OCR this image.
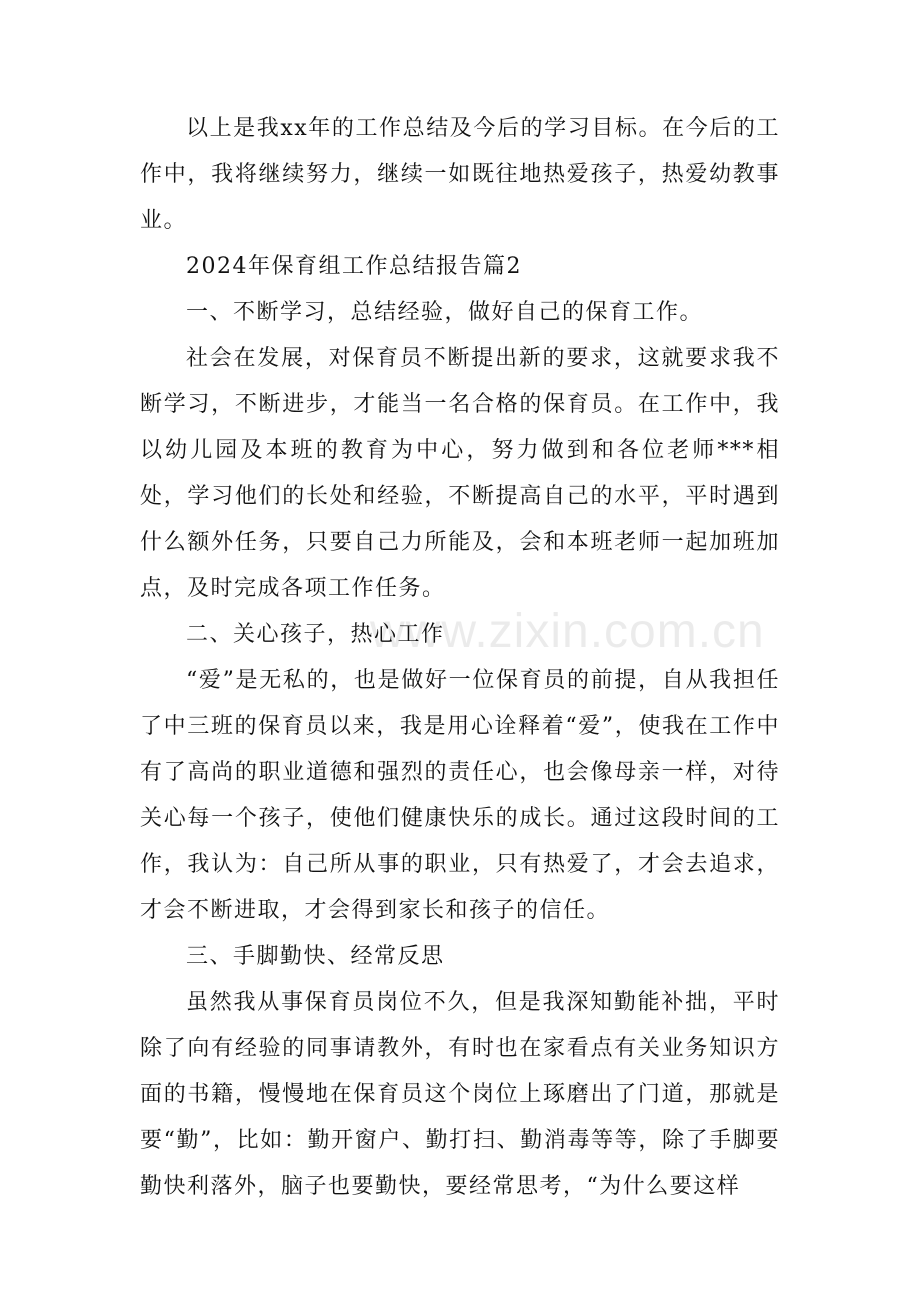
以上是我xx年的工作总结及今后的学习目标。在今后的工作中，我将继续努力，继续一如既往地热爱孩子，热爱幼教事业。

2024年保育组工作总结报告篇2

一、不断学习，总结经验，做好自己的保育工作。

社会在发展，对保育员不断提出新的要求，这就要求我不断学习，不断进步，才能当一名合格的保育员。在工作中，我以幼儿园及本班的教育为中心，努力做到和各位老师***相处，学习他们的长处和经验，不断提高自己的水平，平时遇到什么额外任务，只要自己力所能及，会和本班老师一起加班加点，及时完成各项工作任务。

二、关心孩子，热心工作

“爱”是无私的，也是做好一位保育员的前提，自从我担任了中三班的保育员以来，我是用心诠释着“爱”，使我在工作中有了高尚的职业道德和强烈的责任心，也会像母亲一样，对待关心每一个孩子，使他们健康快乐的成长。通过这段时间的工作，我认为：自己所从事的职业，只有热爱了，才会去追求，才会不断进取，才会得到家长和孩子的信任。

三、手脚勤快、经常反思

虽然我从事保育员岗位不久，但是我深知勤能补拙，平时除了向有经验的同事请教外，有时也在家看点有关业务知识方面的书籍，慢慢地在保育员这个岗位上琢磨出了门道，那就是要“勤”，比如：勤开窗户、勤打扫、勤消毒等等，除了手脚要勤快利落外，脑子也要勤快，要经常思考，“为什么要这样

www.zixin.com.cn
